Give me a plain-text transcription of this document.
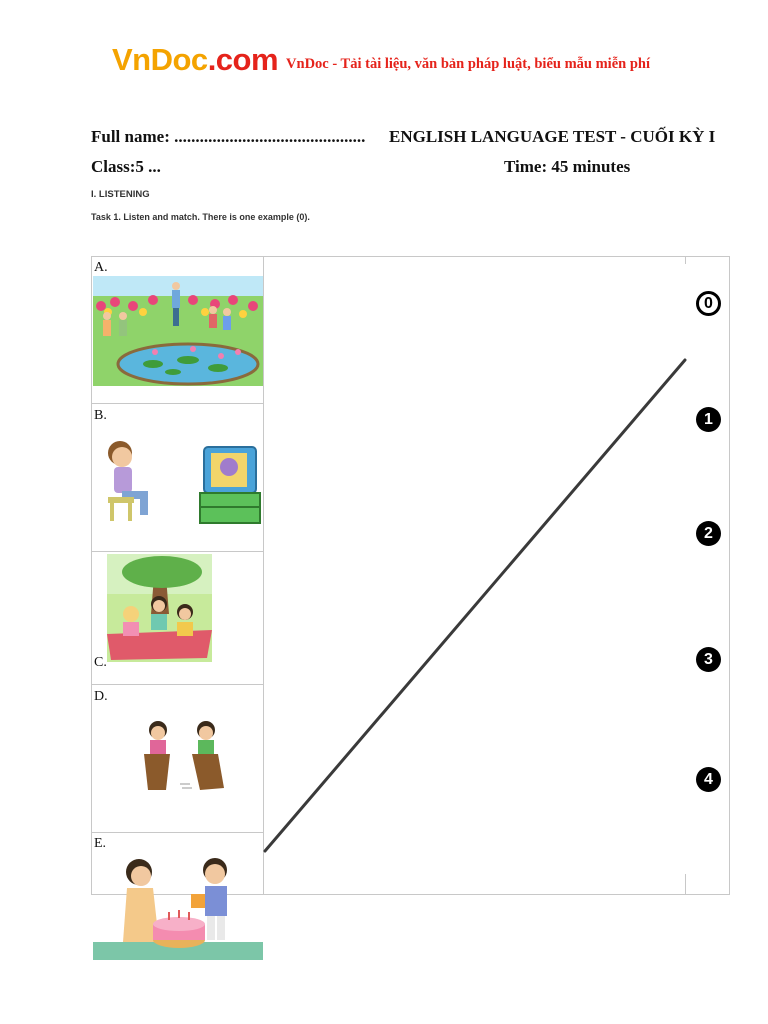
VnDoc.com VnDoc - Tải tài liệu, văn bản pháp luật, biểu mẫu miễn phí
Full name: ............................................. ENGLISH LANGUAGE TEST - CUỐI KỲ I
Class:5 ...	Time: 45 minutes
I. LISTENING
Task 1. Listen and match. There is one example (0).
A.
B.
C.
D.
E.
0
1
2
3
4
